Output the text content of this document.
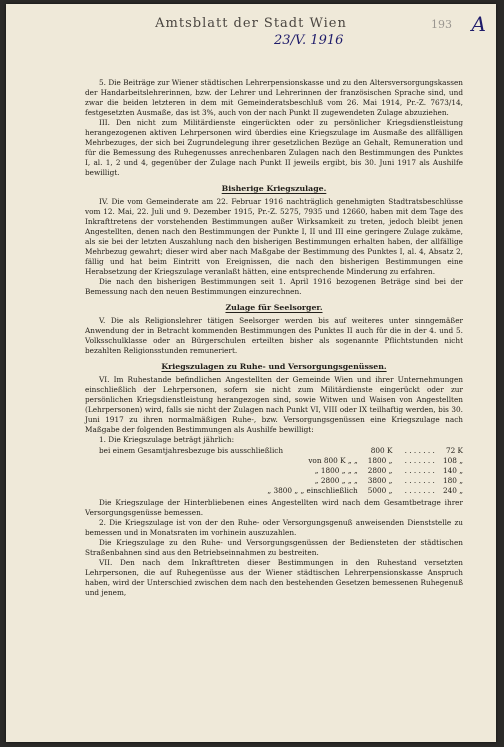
Amtsblatt der Stadt Wien	193 A
23/V. 1916

5. Die Beiträge zur Wiener städtischen Lehrerpensionskasse und zu den Altersversorgungskassen der Handarbeitslehrerinnen, bzw. der Lehrer und Lehrerinnen der französischen Sprache sind, und zwar die beiden letzteren in dem mit Gemeinderatsbeschluß vom 26. Mai 1914, Pr.-Z. 7673/14, festgesetzten Ausmaße, das ist 3%, auch von der nach Punkt II zugewendeten Zulage abzuziehen.

III. Den nicht zum Militärdienste eingerückten oder zu persönlicher Kriegsdienstleistung herangezogenen aktiven Lehrpersonen wird überdies eine Kriegszulage im Ausmaße des allfälligen Mehrbezuges, der sich bei Zugrundelegung ihrer gesetzlichen Bezüge an Gehalt, Remuneration und für die Bemessung des Ruhegenusses anrechenbaren Zulagen nach den Bestimmungen des Punktes I, al. 1, 2 und 4, gegenüber der Zulage nach Punkt II jeweils ergibt, bis 30. Juni 1917 als Aushilfe bewilligt.

Bisherige Kriegszulage.

IV. Die vom Gemeinderate am 22. Februar 1916 nachträglich genehmigten Stadtratsbeschlüsse vom 12. Mai, 22. Juli und 9. Dezember 1915, Pr.-Z. 5275, 7935 und 12660, haben mit dem Tage des Inkrafttretens der vorstehenden Bestimmungen außer Wirksamkeit zu treten, jedoch bleibt jenen Angestellten, denen nach den Bestimmungen der Punkte I, II und III eine geringere Zulage zukäme, als sie bei der letzten Auszahlung nach den bisherigen Bestimmungen erhalten haben, der allfällige Mehrbezug gewahrt; dieser wird aber nach Maßgabe der Bestimmung des Punktes I, al. 4, Absatz 2, fällig und hat beim Eintritt von Ereignissen, die nach den bisherigen Bestimmungen eine Herabsetzung der Kriegszulage veranlaßt hätten, eine entsprechende Minderung zu erfahren.

Die nach den bisherigen Bestimmungen seit 1. April 1916 bezogenen Beträge sind bei der Bemessung nach den neuen Bestimmungen einzurechnen.

Zulage für Seelsorger.

V. Die als Religionslehrer tätigen Seelsorger werden bis auf weiteres unter sinngemäßer Anwendung der in Betracht kommenden Bestimmungen des Punktes II auch für die in der 4. und 5. Volksschulklasse oder an Bürgerschulen erteilten bisher als sogenannte Pflichtstunden nicht bezahlten Religionsstunden remuneriert.

Kriegszulagen zu Ruhe- und Versorgungsgenüssen.

VI. Im Ruhestande befindlichen Angestellten der Gemeinde Wien und ihrer Unternehmungen einschließlich der Lehrpersonen, sofern sie nicht zum Militärdienste eingerückt oder zur persönlichen Kriegsdienstleistung herangezogen sind, sowie Witwen und Waisen von Angestellten (Lehrpersonen) wird, falls sie nicht der Zulagen nach Punkt VI, VIII oder IX teilhaftig werden, bis 30. Juni 1917 zu ihren normalmäßigen Ruhe-, bzw. Versorgungsgenüssen eine Kriegszulage nach Maßgabe der folgenden Bestimmungen als Aushilfe bewilligt:

1. Die Kriegszulage beträgt jährlich:

	bei einem Gesamtjahresbezuge bis ausschließlich	800 K	. . . . . . .	72 K
	von 800 K „ „	1800 „	. . . . . . .	108 „
	„ 1800 „ „ „	2800 „	. . . . . . .	140 „
	„ 2800 „ „ „	3800 „	. . . . . . .	180 „
	„ 3800 „ „ einschließlich	5000 „	. . . . . . .	240 „

Die Kriegszulage der Hinterbliebenen eines Angestellten wird nach dem Gesamtbetrage ihrer Versorgungsgenüsse bemessen.

2. Die Kriegszulage ist von der den Ruhe- oder Versorgungsgenuß anweisenden Dienststelle zu bemessen und in Monatsraten im vorhinein auszuzahlen.

Die Kriegszulage zu den Ruhe- und Versorgungsgenüssen der Bediensteten der städtischen Straßenbahnen sind aus den Betriebseinnahmen zu bestreiten.

VII. Den nach dem Inkrafttreten dieser Bestimmungen in den Ruhestand versetzten Lehrpersonen, die auf Ruhegenüsse aus der Wiener städtischen Lehrerpensionskasse Anspruch haben, wird der Unterschied zwischen dem nach den bestehenden Gesetzen bemessenen Ruhegenuß und jenem,
